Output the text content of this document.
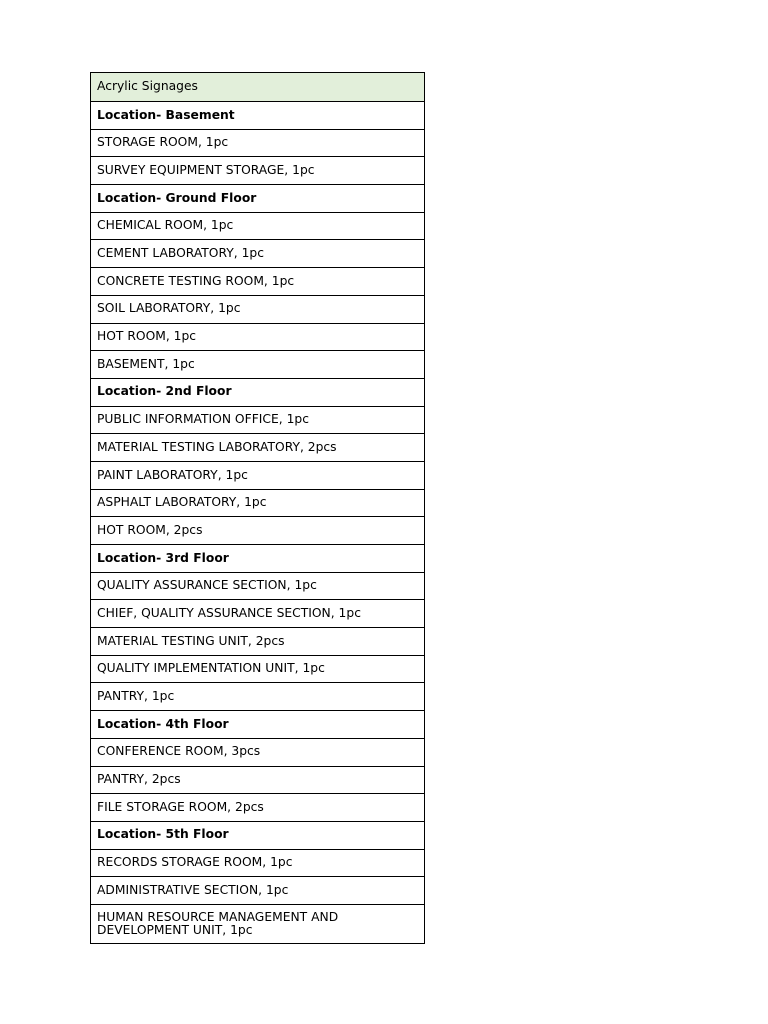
Acrylic Signages
Location- Basement
STORAGE ROOM, 1pc
SURVEY EQUIPMENT STORAGE, 1pc
Location- Ground Floor
CHEMICAL ROOM, 1pc
CEMENT LABORATORY, 1pc
CONCRETE TESTING ROOM, 1pc
SOIL LABORATORY, 1pc
HOT ROOM, 1pc
BASEMENT, 1pc
Location- 2nd Floor
PUBLIC INFORMATION OFFICE, 1pc
MATERIAL TESTING LABORATORY, 2pcs
PAINT LABORATORY, 1pc
ASPHALT LABORATORY, 1pc
HOT ROOM, 2pcs
Location- 3rd Floor
QUALITY ASSURANCE SECTION, 1pc
CHIEF, QUALITY ASSURANCE SECTION, 1pc
MATERIAL TESTING UNIT, 2pcs
QUALITY IMPLEMENTATION UNIT, 1pc
PANTRY, 1pc
Location- 4th Floor
CONFERENCE ROOM, 3pcs
PANTRY, 2pcs
FILE STORAGE ROOM, 2pcs
Location- 5th Floor
RECORDS STORAGE ROOM, 1pc
ADMINISTRATIVE SECTION, 1pc
HUMAN RESOURCE MANAGEMENT AND
DEVELOPMENT UNIT, 1pc
